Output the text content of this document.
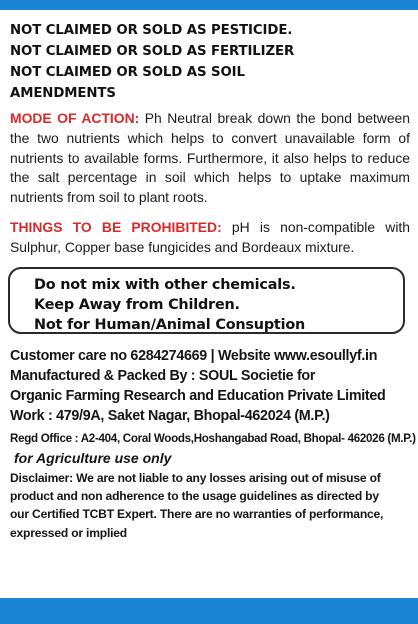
NOT CLAIMED OR SOLD AS PESTICIDE.
NOT CLAIMED OR SOLD AS FERTILIZER
NOT CLAIMED OR SOLD AS SOIL
AMENDMENTS
MODE OF ACTION: Ph Neutral break down the bond between the two nutrients which helps to convert unavailable form of nutrients to available forms. Furthermore, it also helps to reduce the salt percentage in soil which helps to uptake maximum nutrients from soil to plant roots.
THINGS TO BE PROHIBITED: pH is non-compatible with Sulphur, Copper base fungicides and Bordeaux mixture.
Do not mix with other chemicals.
Keep Away from Children.
Not for Human/Animal Consuption
Customer care no 6284274669 | Website www.esoullyf.in
Manufactured & Packed By : SOUL Societie for
Organic Farming Research and Education Private Limited
Work : 479/9A, Saket Nagar, Bhopal-462024 (M.P.)
Regd Office : A2-404, Coral Woods,Hoshangabad Road, Bhopal- 462026 (M.P.)
for Agriculture use only
Disclaimer: We are not liable to any losses arising out of misuse of
product and non adherence to the usage guidelines as directed by
our Certified TCBT Expert. There are no warranties of performance,
expressed or implied
